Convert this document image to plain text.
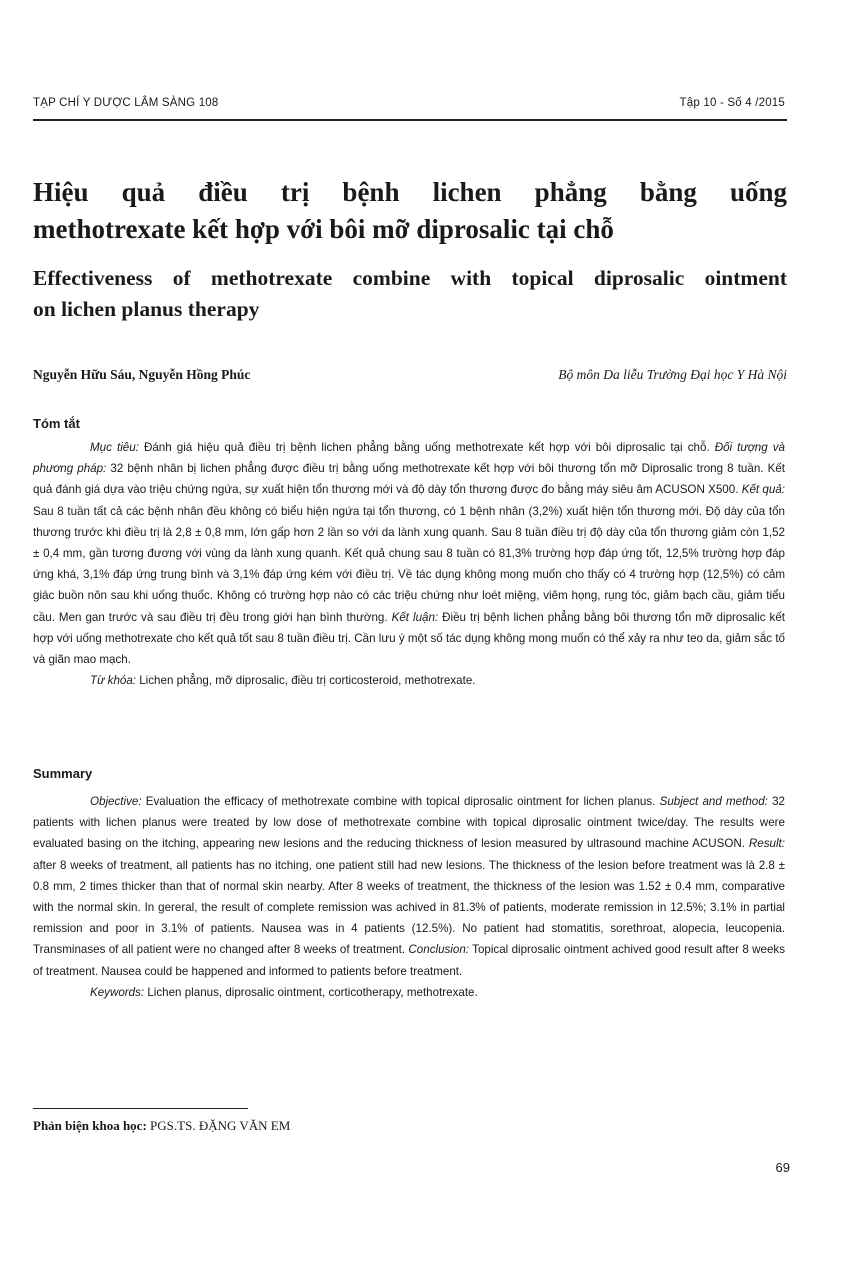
TẠP CHÍ Y DƯỢC LÂM SÀNG 108	Tập 10 - Số 4 /2015
Hiệu quả điều trị bệnh lichen phẳng bằng uống
methotrexate kết hợp với bôi mỡ diprosalic tại chỗ
Effectiveness of methotrexate combine with topical diprosalic ointment
on lichen planus therapy
Nguyễn Hữu Sáu, Nguyễn Hồng Phúc	Bộ môn Da liễu Trường Đại học Y Hà Nội
Tóm tắt

Mục tiêu: Đánh giá hiệu quả điều trị bệnh lichen phẳng bằng uống methotrexate kết hợp với bôi diprosalic tại chỗ. Đối tượng và phương pháp: 32 bệnh nhân bị lichen phẳng được điều trị bằng uống methotrexate kết hợp với bôi thương tổn mỡ Diprosalic trong 8 tuần. Kết quả đánh giá dựa vào triệu chứng ngứa, sự xuất hiện tổn thương mới và độ dày tổn thương được đo bằng máy siêu âm ACUSON X500. Kết quả: Sau 8 tuần tất cả các bệnh nhân đều không có biểu hiện ngứa tại tổn thương, có 1 bệnh nhân (3,2%) xuất hiện tổn thương mới. Độ dày của tổn thương trước khi điều trị là 2,8 ± 0,8 mm, lớn gấp hơn 2 lần so với da lành xung quanh. Sau 8 tuần điều trị độ dày của tổn thương giảm còn 1,52 ± 0,4 mm, gần tương đương với vùng da lành xung quanh. Kết quả chung sau 8 tuần có 81,3% trường hợp đáp ứng tốt, 12,5% trường hợp đáp ứng khá, 3,1% đáp ứng trung bình và 3,1% đáp ứng kém với điều trị. Về tác dụng không mong muốn cho thấy có 4 trường hợp (12,5%) có cảm giác buồn nôn sau khi uống thuốc. Không có trường hợp nào có các triệu chứng như loét miệng, viêm họng, rụng tóc, giảm bạch cầu, giảm tiểu cầu. Men gan trước và sau điều trị đều trong giới hạn bình thường. Kết luận: Điều trị bệnh lichen phẳng bằng bôi thương tổn mỡ diprosalic kết hợp với uống methotrexate cho kết quả tốt sau 8 tuần điều trị. Cần lưu ý một số tác dụng không mong muốn có thể xảy ra như teo da, giảm sắc tố và giãn mao mạch.

Từ khóa: Lichen phẳng, mỡ diprosalic, điều trị corticosteroid, methotrexate.

Summary

Objective: Evaluation the efficacy of methotrexate combine with topical diprosalic ointment for lichen planus. Subject and method: 32 patients with lichen planus were treated by low dose of methotrexate combine with topical diprosalic ointment twice/day. The results were evaluated basing on the itching, appearing new lesions and the reducing thickness of lesion measured by ultrasound machine ACUSON. Result: after 8 weeks of treatment, all patients has no itching, one patient still had new lesions. The thickness of the lesion before treatment was là 2.8 ± 0.8 mm, 2 times thicker than that of normal skin nearby. After 8 weeks of treatment, the thickness of the lesion was 1.52 ± 0.4 mm, comparative with the normal skin. In gereral, the result of complete remission was achived in 81.3% of patients, moderate remission in 12.5%; 3.1% in partial remission and poor in 3.1% of patients. Nausea was in 4 patients (12.5%). No patient had stomatitis, sorethroat, alopecia, leucopenia. Transminases of all patient were no changed after 8 weeks of treatment. Conclusion: Topical diprosalic ointment achived good result after 8 weeks of treatment. Nausea could be happened and informed to patients before treatment.

Keywords: Lichen planus, diprosalic ointment, corticotherapy, methotrexate.

Phản biện khoa học: PGS.TS. ĐẶNG VĂN EM
69
